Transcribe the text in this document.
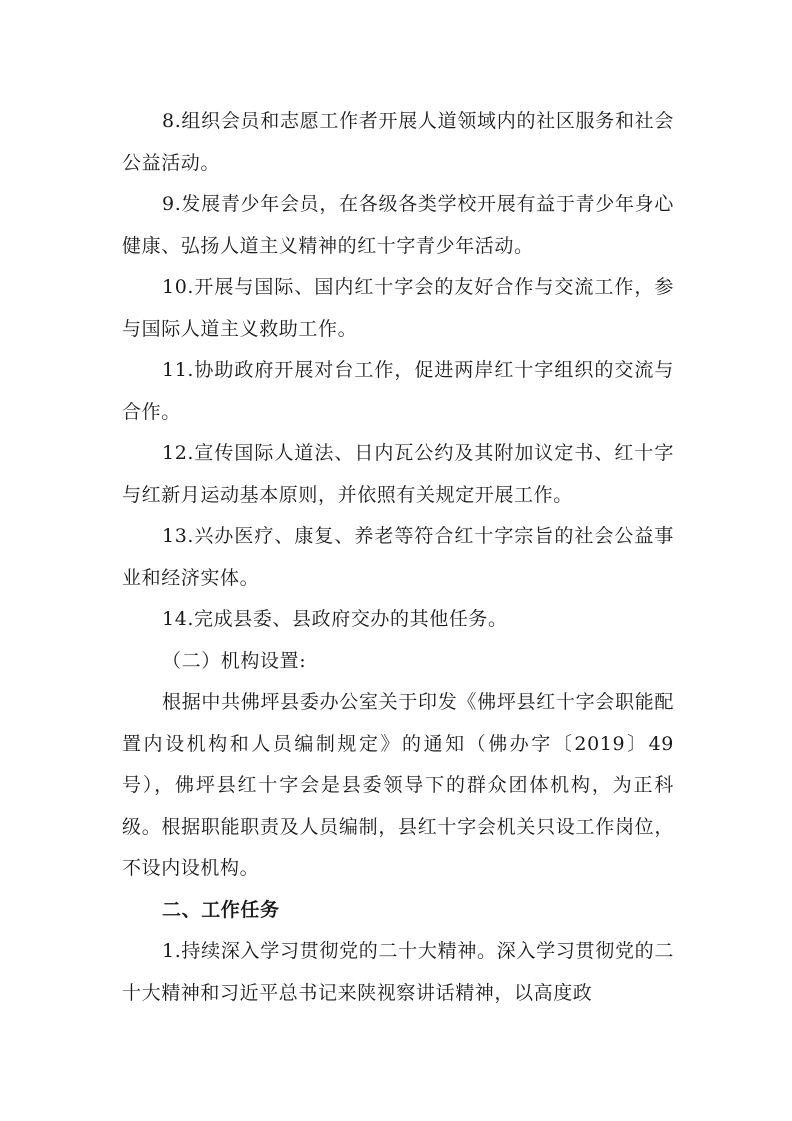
8.组织会员和志愿工作者开展人道领域内的社区服务和社会公益活动。

9.发展青少年会员，在各级各类学校开展有益于青少年身心健康、弘扬人道主义精神的红十字青少年活动。

10.开展与国际、国内红十字会的友好合作与交流工作，参与国际人道主义救助工作。

11.协助政府开展对台工作，促进两岸红十字组织的交流与合作。

12.宣传国际人道法、日内瓦公约及其附加议定书、红十字与红新月运动基本原则，并依照有关规定开展工作。

13.兴办医疗、康复、养老等符合红十字宗旨的社会公益事业和经济实体。

14.完成县委、县政府交办的其他任务。

（二）机构设置:

根据中共佛坪县委办公室关于印发《佛坪县红十字会职能配置内设机构和人员编制规定》的通知（佛办字〔2019〕49号），佛坪县红十字会是县委领导下的群众团体机构，为正科级。根据职能职责及人员编制，县红十字会机关只设工作岗位，不设内设机构。

二、工作任务

1.持续深入学习贯彻党的二十大精神。深入学习贯彻党的二十大精神和习近平总书记来陕视察讲话精神，以高度政
